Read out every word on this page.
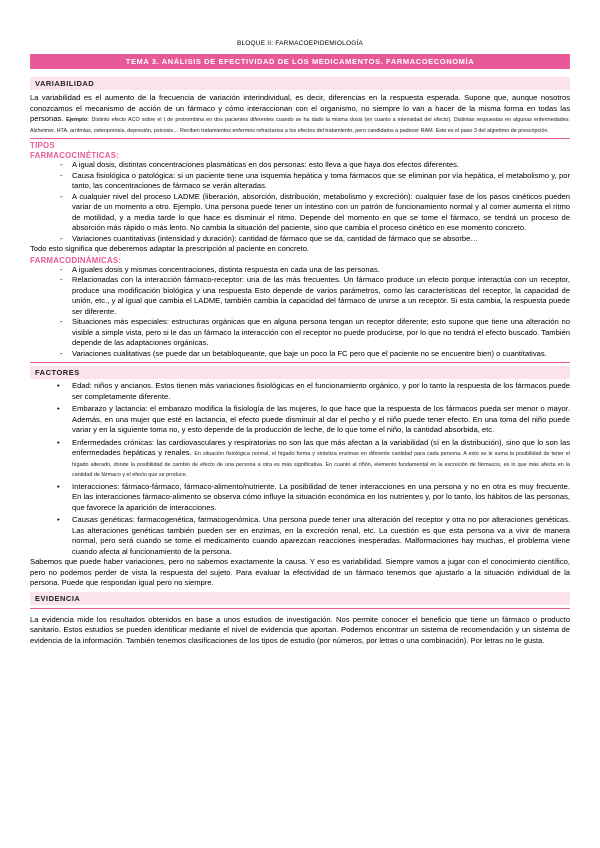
BLOQUE II: FARMACOEPIDEMIOLOGÍA
TEMA 3. ANÁLISIS DE EFECTIVIDAD DE LOS MEDICAMENTOS. FARMACOECONOMÍA
VARIABILIDAD

La variabilidad es el aumento de la frecuencia de variación interindividual, es decir, diferencias en la respuesta esperada. Supone que, aunque nosotros conozcamos el mecanismo de acción de un fármaco y cómo interaccionan con el organismo, no siempre lo van a hacer de la misma forma en todas las personas. Ejemplo: Distinto efecto ACO sobre el t de protrombina en dos pacientes diferentes cuando se ha dado la misma dosis (en cuanto a intensidad del efecto). Distintas respuestas en algunas enfermedades: Alzheimer, HTA, arritmias, osteoporosis, depresión, psicosis… Reciben tratamientos enfermos refractarios a los efectos del tratamiento, pero candidatos a padecer RAM. Este es el paso 3 del algoritmo de prescripción.

TIPOS
FARMACOCINÉTICAS:
- A igual dosis, distintas concentraciones plasmáticas en dos personas: esto lleva a que haya dos efectos diferentes.
- Causa fisiológica o patológica: si un paciente tiene una isquemia hepática y toma fármacos que se eliminan por vía hepática, el metabolismo y, por tanto, las concentraciones de fármaco se verán alteradas.
- A cualquier nivel del proceso LADME (liberación, absorción, distribución, metabolismo y excreción): cualquier fase de los pasos cinéticos pueden variar de un momento a otro. Ejemplo. Una persona puede tener un intestino con un patrón de funcionamiento normal y al comer aumenta el ritmo de motilidad, y a media tarde lo que hace es disminuir el ritmo. Depende del momento en que se tome el fármaco, se tendrá un proceso de absorción más rápido o más lento. No cambia la situación del paciente, sino que cambia el proceso cinético en ese momento concreto.
- Variaciones cuantitativas (intensidad y duración): cantidad de fármaco que se da, cantidad de fármaco que se absorbe…

Todo esto significa que deberemos adaptar la prescripción al paciente en concreto.

FARMACODINÁMICAS:
- A iguales dosis y mismas concentraciones, distinta respuesta en cada una de las personas.
- Relacionadas con la interacción fármaco-receptor: una de las más frecuentes. Un fármaco produce un efecto porque interactúa con un receptor, produce una modificación biológica y una respuesta Esto depende de varios parámetros, como las características del receptor, la capacidad de unión, etc., y al igual que cambia el LADME, también cambia la capacidad del fármaco de unirse a un receptor. Si esta cambia, la respuesta puede ser diferente.
- Situaciones más especiales: estructuras orgánicas que en alguna persona tengan un receptor diferente; esto supone que tiene una alteración no visible a simple vista, pero si le das un fármaco la interacción con el receptor no puede producirse, por lo que no tendrá el efecto buscado. También depende de las adaptaciones orgánicas.
- Variaciones cualitativas (se puede dar un betabloqueante, que baje un poco la FC pero que el paciente no se encuentre bien) o cuantitativas.
FACTORES
• Edad: niños y ancianos. Estos tienen más variaciones fisiológicas en el funcionamiento orgánico, y por lo tanto la respuesta de los fármacos puede ser completamente diferente.
• Embarazo y lactancia: el embarazo modifica la fisiología de las mujeres, lo que hace que la respuesta de los fármacos pueda ser menor o mayor. Además, en una mujer que esté en lactancia, el efecto puede disminuir al dar el pecho y el niño puede tener efecto. En una toma del niño puede variar y en la siguiente toma no, y esto depende de la producción de leche, de lo que tome el niño, la cantidad absorbida, etc.
• Enfermedades crónicas: las cardiovasculares y respiratorias no son las que más afectan a la variabilidad (sí en la distribución), sino que lo son las enfermedades hepáticas y renales. En situación fisiológica normal, el hígado forma y sintetiza enzimas en diferente cantidad para cada persona. A esto se le suma la posibilidad de tener el hígado alterado, donde la posibilidad de cambio de efecto de una persona a otra es más significativa. En cuanto al riñón, elemento fundamental en la excreción de fármacos, es lo que más afecta en la cantidad de fármaco y el efecto que se produce.
• Interacciones: fármaco-fármaco, fármaco-alimento/nutriente. La posibilidad de tener interacciones en una persona y no en otra es muy frecuente. En las interacciones fármaco-alimento se observa cómo influye la situación económica en los nutrientes y, por lo tanto, los hábitos de las personas, que favorece la aparición de interacciones.
• Causas genéticas: farmacogenética, farmacogenómica. Una persona puede tener una alteración del receptor y otra no por alteraciones genéticas. Las alteraciones genéticas también pueden ser en enzimas, en la excreción renal, etc. La cuestión es que esta persona va a vivir de manera normal, pero será cuando se tome el medicamento cuando aparezcan reacciones inesperadas. Malformaciones hay muchas, el problema viene cuando afecta al funcionamiento de la persona.

Sabemos que puede haber variaciones, pero no sabemos exactamente la causa. Y eso es variabilidad. Siempre vamos a jugar con el conocimiento científico, pero no podemos perder de vista la respuesta del sujeto. Para evaluar la efectividad de un fármaco tenemos que ajustarlo a la situación individual de la persona. Puede que respondan igual pero no siempre.

EVIDENCIA

La evidencia mide los resultados obtenidos en base a unos estudios de investigación. Nos permite conocer el beneficio que tiene un fármaco o producto sanitario. Estos estudios se pueden identificar mediante el nivel de evidencia que aportan. Podemos encontrar un sistema de recomendación y un sistema de evidencia de la información. También tenemos clasificaciones de los tipos de estudio (por números, por letras o una combinación). Por letras no le gusta.
